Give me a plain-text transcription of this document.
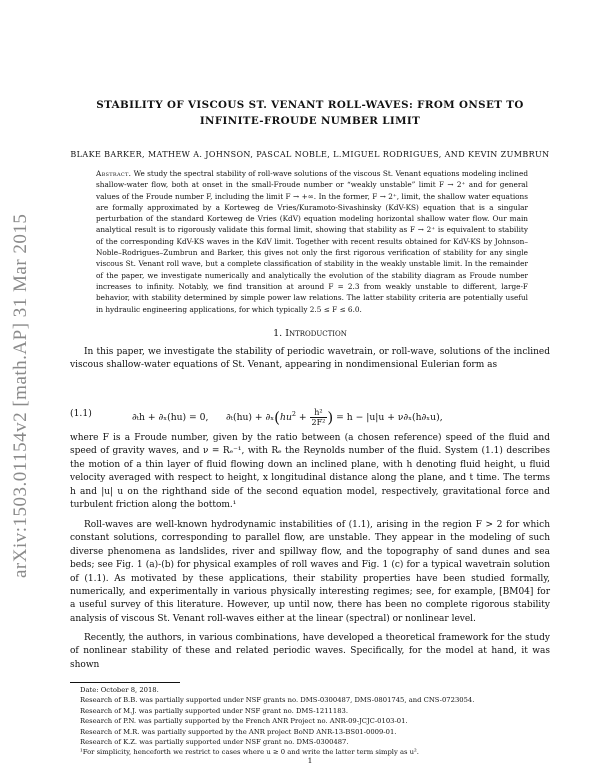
arXiv:1503.01154v2 [math.AP] 31 Mar 2015
STABILITY OF VISCOUS ST. VENANT ROLL-WAVES: FROM ONSET TO
INFINITE-FROUDE NUMBER LIMIT
BLAKE BARKER, MATHEW A. JOHNSON, PASCAL NOBLE, L.MIGUEL RODRIGUES, AND KEVIN ZUMBRUN
Abstract. We study the spectral stability of roll-wave solutions of the viscous St. Venant equations modeling inclined shallow-water flow, both at onset in the small-Froude number or “weakly unstable” limit F → 2⁺ and for general values of the Froude number F, including the limit F → +∞. In the former, F → 2⁺, limit, the shallow water equations are formally approximated by a Korteweg de Vries/Kuramoto-Sivashinsky (KdV-KS) equation that is a singular perturbation of the standard Korteweg de Vries (KdV) equation modeling horizontal shallow water flow. Our main analytical result is to rigorously validate this formal limit, showing that stability as F → 2⁺ is equivalent to stability of the corresponding KdV-KS waves in the KdV limit. Together with recent results obtained for KdV-KS by Johnson–Noble–Rodrigues–Zumbrun and Barker, this gives not only the first rigorous verification of stability for any single viscous St. Venant roll wave, but a complete classification of stability in the weakly unstable limit. In the remainder of the paper, we investigate numerically and analytically the evolution of the stability diagram as Froude number increases to infinity. Notably, we find transition at around F = 2.3 from weakly unstable to different, large-F behavior, with stability determined by simple power law relations. The latter stability criteria are potentially useful in hydraulic engineering applications, for which typically 2.5 ≤ F ≤ 6.0.
1. Introduction
In this paper, we investigate the stability of periodic wavetrain, or roll-wave, solutions of the inclined viscous shallow-water equations of St. Venant, appearing in nondimensional Eulerian form as
(1.1)	∂ₜh + ∂ₓ(hu) = 0, $\partial_t(hu) + \partial_x(hu^2 + \frac{\text{h²}}{\text{2F²}}$ ) = h − |u|u + ν∂ₓ(h∂ₓu),
where F is a Froude number, given by the ratio between (a chosen reference) speed of the fluid and speed of gravity waves, and ν = Rₑ⁻¹, with Rₑ the Reynolds number of the fluid. System (1.1) describes the motion of a thin layer of fluid flowing down an inclined plane, with h denoting fluid height, u fluid velocity averaged with respect to height, x longitudinal distance along the plane, and t time. The terms h and |u| u on the righthand side of the second equation model, respectively, gravitational force and turbulent friction along the bottom.¹
Roll-waves are well-known hydrodynamic instabilities of (1.1), arising in the region F > 2 for which constant solutions, corresponding to parallel flow, are unstable. They appear in the modeling of such diverse phenomena as landslides, river and spillway flow, and the topography of sand dunes and sea beds; see Fig. 1 (a)-(b) for physical examples of roll waves and Fig. 1 (c) for a typical wavetrain solution of (1.1). As motivated by these applications, their stability properties have been studied formally, numerically, and experimentally in various physically interesting regimes; see, for example, [BM04] for a useful survey of this literature. However, up until now, there has been no complete rigorous stability analysis of viscous St. Venant roll-waves either at the linear (spectral) or nonlinear level.
Recently, the authors, in various combinations, have developed a theoretical framework for the study of nonlinear stability of these and related periodic waves. Specifically, for the model at hand, it was shown
Date: October 8, 2018.
Research of B.B. was partially supported under NSF grants no. DMS-0300487, DMS-0801745, and CNS-0723054.
Research of M.J. was partially supported under NSF grant no. DMS-1211183.
Research of P.N. was partially supported by the French ANR Project no. ANR-09-JCJC-0103-01.
Research of M.R. was partially supported by the ANR project BoND ANR-13-BS01-0009-01.
Research of K.Z. was partially supported under NSF grant no. DMS-0300487.
¹For simplicity, henceforth we restrict to cases where u ≥ 0 and write the latter term simply as u².
1
